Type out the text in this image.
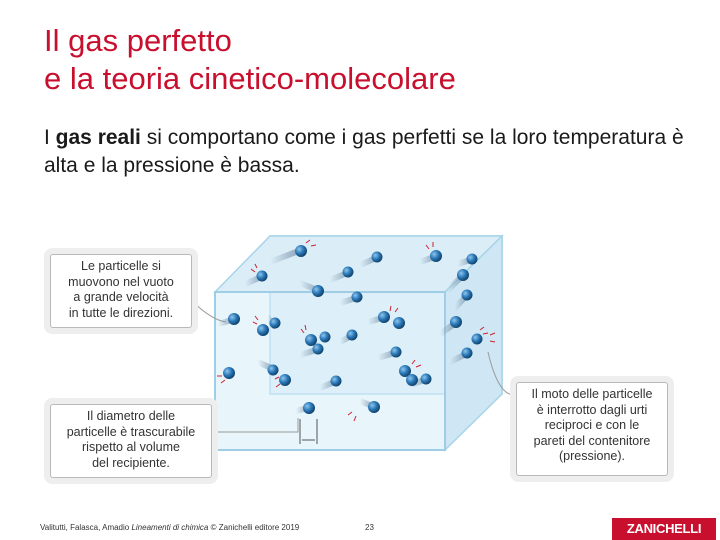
Il gas perfetto
e la teoria cinetico-molecolare
I gas reali si comportano come i gas perfetti se la loro temperatura è alta e la pressione è bassa.
Le particelle si
muovono nel vuoto
a grande velocità
in tutte le direzioni.
Il diametro delle
particelle è trascurabile
rispetto al volume
del recipiente.
Il moto delle particelle
è interrotto dagli urti
reciproci e con le
pareti del contenitore
(pressione).
Valitutti, Falasca, Amadio Lineamenti di chimica © Zanichelli editore 2019	23	ZANICHELLI
